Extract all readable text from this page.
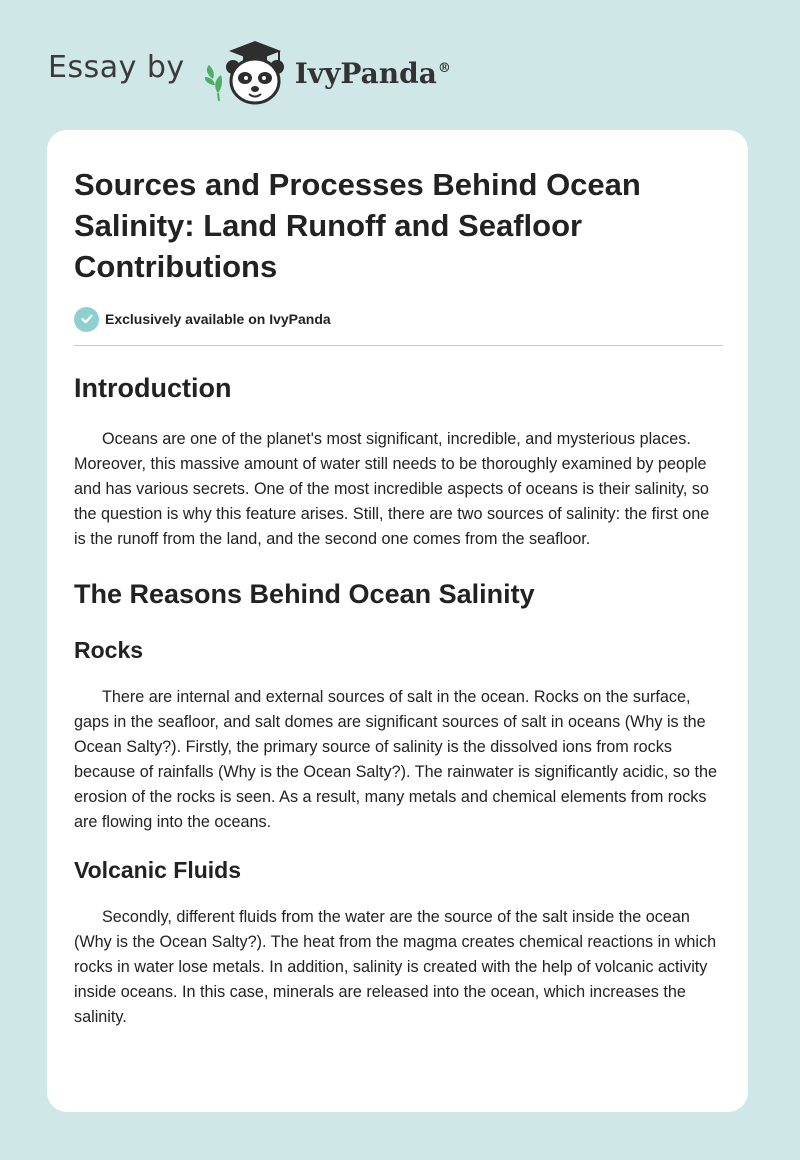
Essay by	IvyPanda®
Sources and Processes Behind Ocean Salinity: Land Runoff and Seafloor Contributions
Exclusively available on IvyPanda
Introduction

Oceans are one of the planet's most significant, incredible, and mysterious places. Moreover, this massive amount of water still needs to be thoroughly examined by people and has various secrets. One of the most incredible aspects of oceans is their salinity, so the question is why this feature arises. Still, there are two sources of salinity: the first one is the runoff from the land, and the second one comes from the seafloor.

The Reasons Behind Ocean Salinity
Rocks

There are internal and external sources of salt in the ocean. Rocks on the surface, gaps in the seafloor, and salt domes are significant sources of salt in oceans (Why is the Ocean Salty?). Firstly, the primary source of salinity is the dissolved ions from rocks because of rainfalls (Why is the Ocean Salty?). The rainwater is significantly acidic, so the erosion of the rocks is seen. As a result, many metals and chemical elements from rocks are flowing into the oceans.

Volcanic Fluids

Secondly, different fluids from the water are the source of the salt inside the ocean (Why is the Ocean Salty?). The heat from the magma creates chemical reactions in which rocks in water lose metals. In addition, salinity is created with the help of volcanic activity inside oceans. In this case, minerals are released into the ocean, which increases the salinity.
